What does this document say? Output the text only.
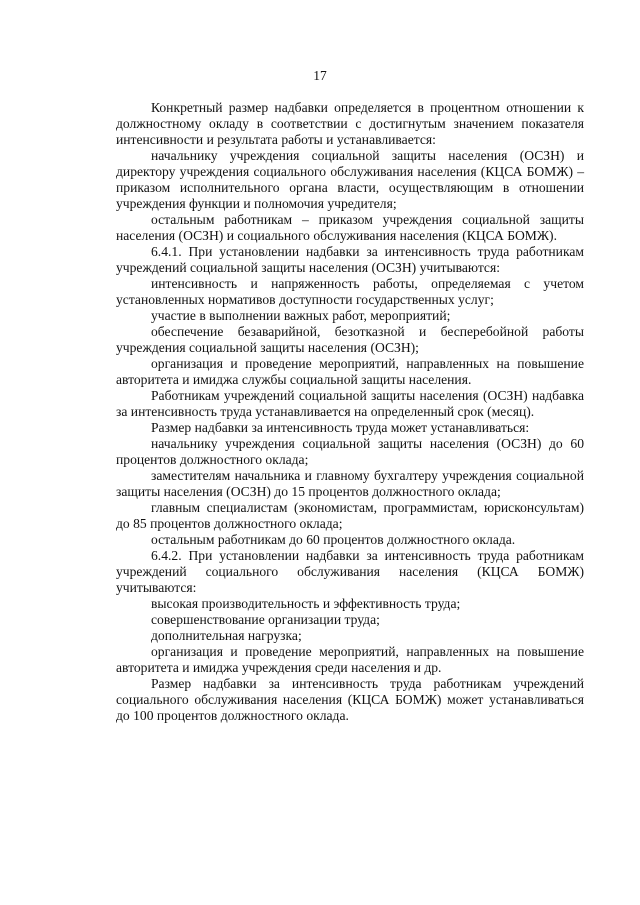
17

Конкретный размер надбавки определяется в процентном отношении к должностному окладу в соответствии с достигнутым значением показателя интенсивности и результата работы и устанавливается:

начальнику учреждения социальной защиты населения (ОСЗН) и директору учреждения социального обслуживания населения (КЦСА БОМЖ) – приказом исполнительного органа власти, осуществляющим в отношении учреждения функции и полномочия учредителя;

остальным работникам – приказом учреждения социальной защиты населения (ОСЗН) и социального обслуживания населения (КЦСА БОМЖ).

6.4.1. При установлении надбавки за интенсивность труда работникам учреждений социальной защиты населения (ОСЗН) учитываются:

интенсивность и напряженность работы, определяемая с учетом установленных нормативов доступности государственных услуг;

участие в выполнении важных работ, мероприятий;

обеспечение безаварийной, безотказной и бесперебойной работы учреждения социальной защиты населения (ОСЗН);

организация и проведение мероприятий, направленных на повышение авторитета и имиджа службы социальной защиты населения.

Работникам учреждений социальной защиты населения (ОСЗН) надбавка за интенсивность труда устанавливается на определенный срок (месяц).

Размер надбавки за интенсивность труда может устанавливаться:

начальнику учреждения социальной защиты населения (ОСЗН) до 60 процентов должностного оклада;

заместителям начальника и главному бухгалтеру учреждения социальной защиты населения (ОСЗН) до 15 процентов должностного оклада;

главным специалистам (экономистам, программистам, юрисконсультам) до 85 процентов должностного оклада;

остальным работникам до 60 процентов должностного оклада.

6.4.2. При установлении надбавки за интенсивность труда работникам учреждений социального обслуживания населения (КЦСА БОМЖ) учитываются:

высокая производительность и эффективность труда;

совершенствование организации труда;

дополнительная нагрузка;

организация и проведение мероприятий, направленных на повышение авторитета и имиджа учреждения среди населения и др.

Размер надбавки за интенсивность труда работникам учреждений социального обслуживания населения (КЦСА БОМЖ) может устанавливаться до 100 процентов должностного оклада.
